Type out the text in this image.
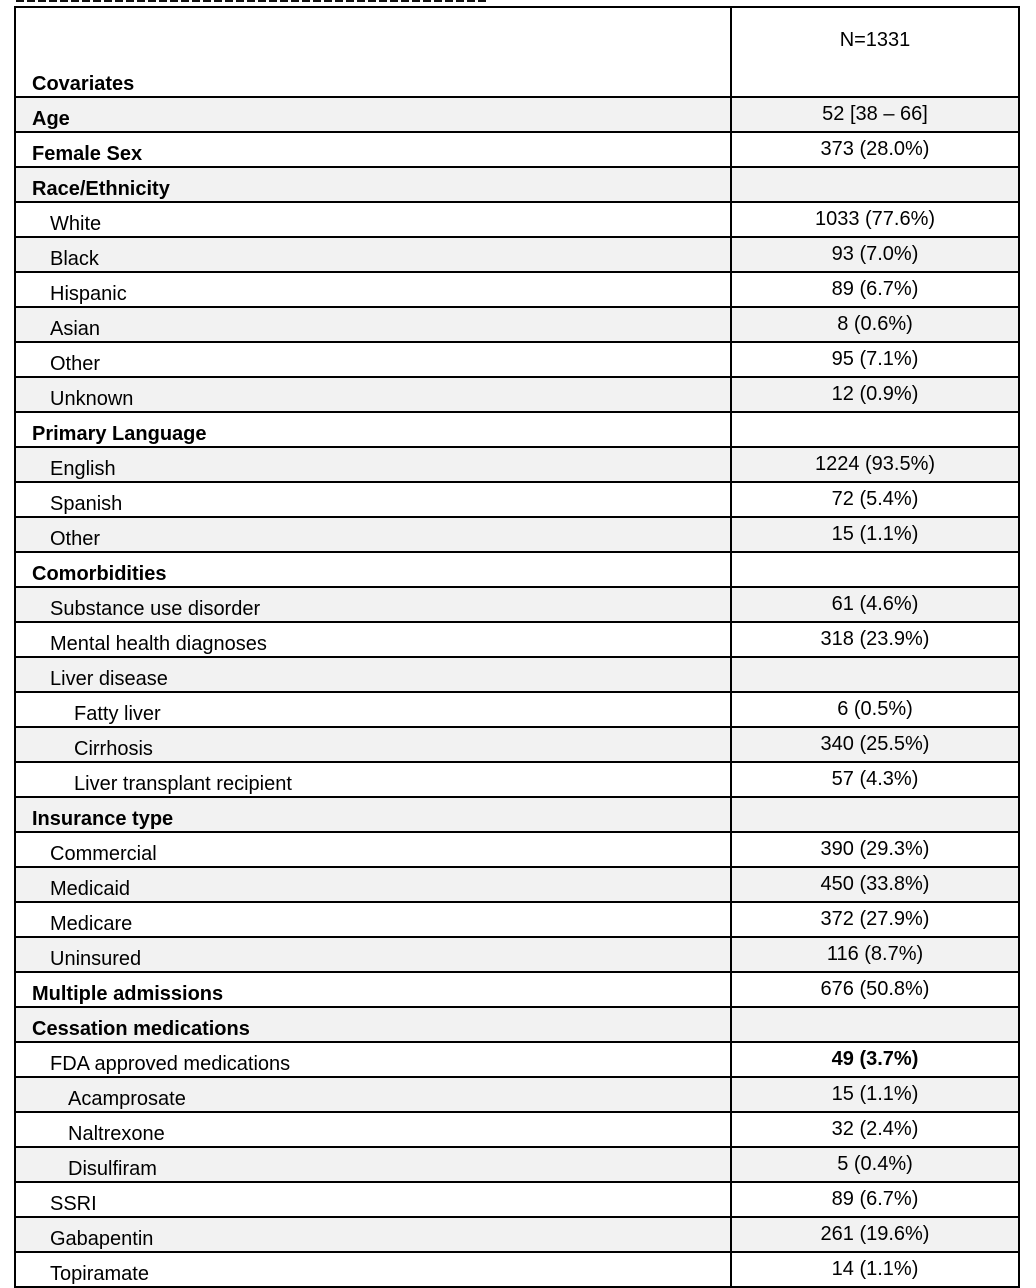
Covariates	N=1331
Age	52 [38 – 66]
Female Sex	373 (28.0%)
Race/Ethnicity	
White	1033 (77.6%)
Black	93 (7.0%)
Hispanic	89 (6.7%)
Asian	8 (0.6%)
Other	95 (7.1%)
Unknown	12 (0.9%)
Primary Language	
English	1224 (93.5%)
Spanish	72 (5.4%)
Other	15 (1.1%)
Comorbidities	
Substance use disorder	61 (4.6%)
Mental health diagnoses	318 (23.9%)
Liver disease	
Fatty liver	6 (0.5%)
Cirrhosis	340 (25.5%)
Liver transplant recipient	57 (4.3%)
Insurance type	
Commercial	390 (29.3%)
Medicaid	450 (33.8%)
Medicare	372 (27.9%)
Uninsured	116 (8.7%)
Multiple admissions	676 (50.8%)
Cessation medications	
FDA approved medications	49 (3.7%)
Acamprosate	15 (1.1%)
Naltrexone	32 (2.4%)
Disulfiram	5 (0.4%)
SSRI	89 (6.7%)
Gabapentin	261 (19.6%)
Topiramate	14 (1.1%)
